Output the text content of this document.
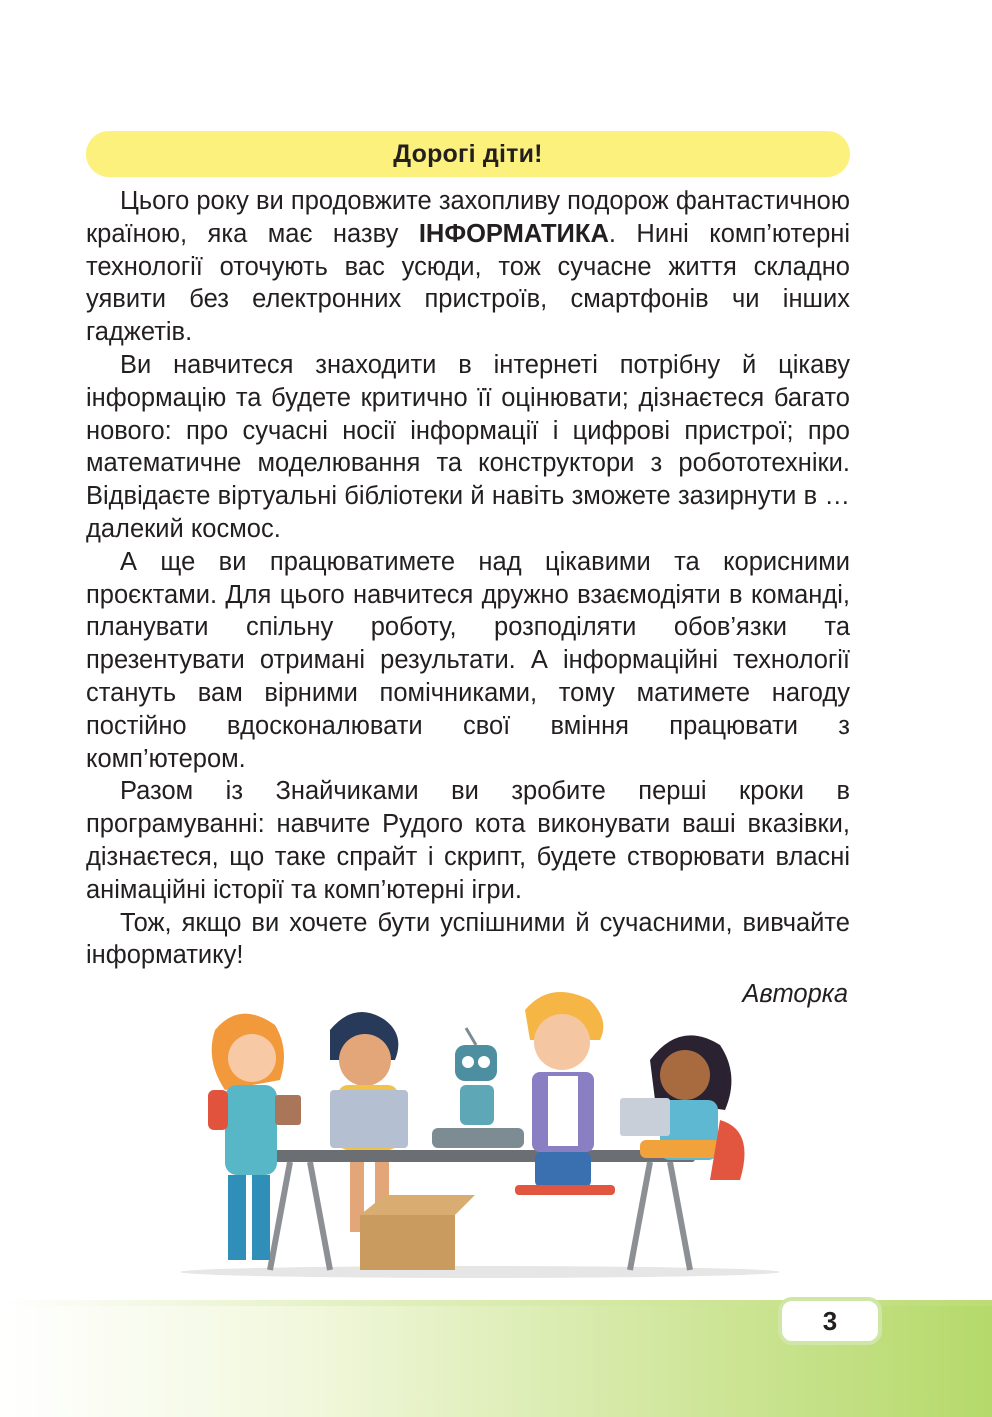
Дорогі діти!

Цього року ви продовжите захопливу подорож фантастичною країною, яка має назву ІНФОРМАТИКА. Нині комп’ютерні технології оточують вас усюди, тож сучасне життя складно уявити без електронних пристроїв, смартфонів чи інших гаджетів.

Ви навчитеся знаходити в інтернеті потрібну й цікаву інформацію та будете критично її оцінювати; дізнаєтеся багато нового: про сучасні носії інформації і цифрові пристрої; про математичне моделювання та конструктори з робототехніки. Відвідаєте віртуальні бібліотеки й навіть зможете зазирнути в … далекий космос.

А ще ви працюватимете над цікавими та корисними проєктами. Для цього навчитеся дружно взаємодіяти в команді, планувати спільну роботу, розподіляти обов’язки та презентувати отримані результати. А інформаційні технології стануть вам вірними помічниками, тому матимете нагоду постійно вдосконалювати свої вміння працювати з комп’ютером.

Разом із Знайчиками ви зробите перші кроки в програмуванні: навчите Рудого кота виконувати ваші вказівки, дізнаєтеся, що таке спрайт і скрипт, будете створювати власні анімаційні історії та комп’ютерні ігри.

Тож, якщо ви хочете бути успішними й сучасними, вивчайте інформатику!

Авторка
3
